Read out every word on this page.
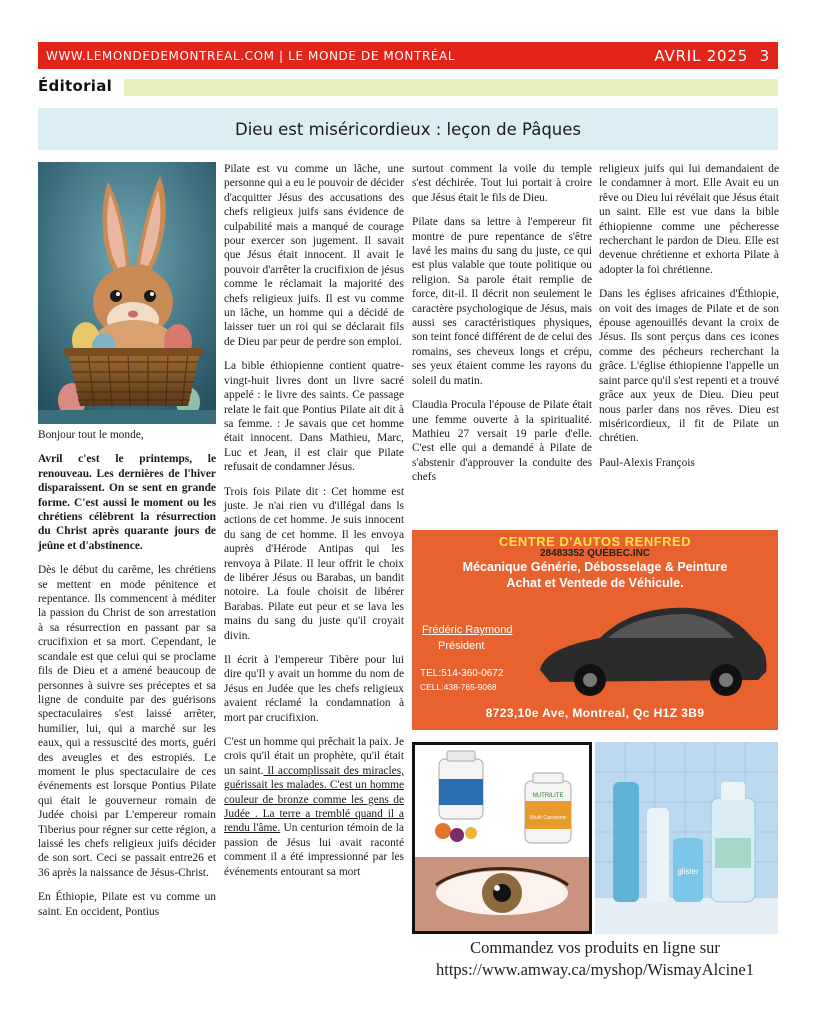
WWW.LEMONDEDEMONTREAL.COM | LE MONDE DE MONTRÉAL	AVRIL 2025 3
Éditorial
Dieu est miséricordieux : leçon de Pâques

Bonjour tout le monde,

Avril c'est le printemps, le renouveau. Les dernières de l'hiver disparaissent. On se sent en grande forme. C'est aussi le moment ou les chrétiens célèbrent la résurrection du Christ après quarante jours de jeûne et d'abstinence.

Dès le début du carême, les chrétiens se mettent en mode pénitence et repentance. Ils commencent à méditer la passion du Christ de son arrestation à sa résurrection en passant par sa crucifixion et sa mort. Cependant, le scandale est que celui qui se proclame fils de Dieu et a amené beaucoup de personnes à suivre ses préceptes et sa ligne de conduite par des guérisons spectaculaires s'est laissé arrêter, humilier, lui, qui a marché sur les eaux, qui a ressuscité des morts, guéri des aveugles et des estropiés. Le moment le plus spectaculaire de ces événements est lorsque Pontius Pilate qui était le gouverneur romain de Judée choisi par L'empereur romain Tiberius pour régner sur cette région, a laissé les chefs religieux juifs décider de son sort. Ceci se passait entre26 et 36 après la naissance de Jésus-Christ.

En Éthiopie, Pilate est vu comme un saint. En occident, Pontius

Pilate est vu comme un lâche, une personne qui a eu le pouvoir de décider d'acquitter Jésus des accusations des chefs religieux juifs sans évidence de culpabilité mais a manqué de courage pour exercer son jugement. Il savait que Jésus était innocent. Il avait le pouvoir d'arrêter la crucifixion de jésus comme le réclamait la majorité des chefs religieux juifs. Il est vu comme un lâche, un homme qui a décidé de laisser tuer un roi qui se déclarait fils de Dieu par peur de perdre son emploi.

La bible éthiopienne contient quatre-vingt-huit livres dont un livre sacré appelé : le livre des saints. Ce passage relate le fait que Pontius Pilate ait dit à sa femme. : Je savais que cet homme était innocent. Dans Mathieu, Marc, Luc et Jean, il est clair que Pilate refusait de condamner Jésus.

Trois fois Pilate dit : Cet homme est juste. Je n'ai rien vu d'illégal dans ls actions de cet homme. Je suis innocent du sang de cet homme. Il les envoya auprès d'Hérode Antipas qui les renvoya à Pilate. Il leur offrit le choix de libérer Jésus ou Barabas, un bandit notoire. La foule choisit de libérer Barabas. Pilate eut peur et se lava les mains du sang du juste qu'il croyait divin.

Il écrit à l'empereur Tibère pour lui dire qu'Il y avait un homme du nom de Jésus en Judée que les chefs religieux avaient réclamé la condamnation à mort par crucifixion.

C'est un homme qui prêchait la paix. Je crois qu'il était un prophète, qu'il était un saint. Il accomplissait des miracles, guérissait les malades. C'est un homme couleur de bronze comme les gens de Judée . La terre a tremblé quand il a rendu l'âme. Un centurion témoin de la passion de Jésus lui avait raconté comment il a été impressionné par les événements entourant sa mort

surtout comment la voile du temple s'est déchirée. Tout lui portait à croire que Jésus était le fils de Dieu.

Pilate dans sa lettre à l'empereur fit montre de pure repentance de s'être lavé les mains du sang du juste, ce qui est plus valable que toute politique ou religion. Sa parole était remplie de force, dit-il. Il décrit non seulement le caractère psychologique de Jésus, mais aussi ses caractéristiques physiques, son teint foncé différent de de celui des romains, ses cheveux longs et crépu, ses yeux étaient comme les rayons du soleil du matin.

Claudia Procula l'épouse de Pilate était une femme ouverte à la spiritualité. Mathieu 27 versait 19 parle d'elle. C'est elle qui a demandé à Pilate de s'abstenir d'approuver la conduite des chefs

religieux juifs qui lui demandaient de le condamner à mort. Elle Avait eu un rêve ou Dieu lui révélait que Jésus était un saint. Elle est vue dans la bible éthiopienne comme une pécheresse recherchant le pardon de Dieu. Elle est devenue chrétienne et exhorta Pilate à adopter la foi chrétienne.

Dans les églises africaines d'Éthiopie, on voit des images de Pilate et de son épouse agenouillés devant la croix de Jésus. Ils sont perçus dans ces icones comme des pécheurs recherchant la grâce. L'église éthiopienne l'appelle un saint parce qu'il s'est repenti et a trouvé grâce aux yeux de Dieu. Dieu peut nous parler dans nos rêves. Dieu est miséricordieux, il fit de Pilate un chrétien.

Paul-Alexis François

CENTRE D'AUTOS RENFRED
28483352 QUÉBEC.INC
Mécanique Générie, Débosselage & Peinture
Achat et Ventede de Véhicule.
Frédéric Raymond
Président
TEL:514-360-0672
CELL:438-765-9068
8723,10e Ave, Montreal, Qc H1Z 3B9
NUTRILITE
Multi Carotene
glister
Commandez vos produits en ligne sur
https://www.amway.ca/myshop/WismayAlcine1
